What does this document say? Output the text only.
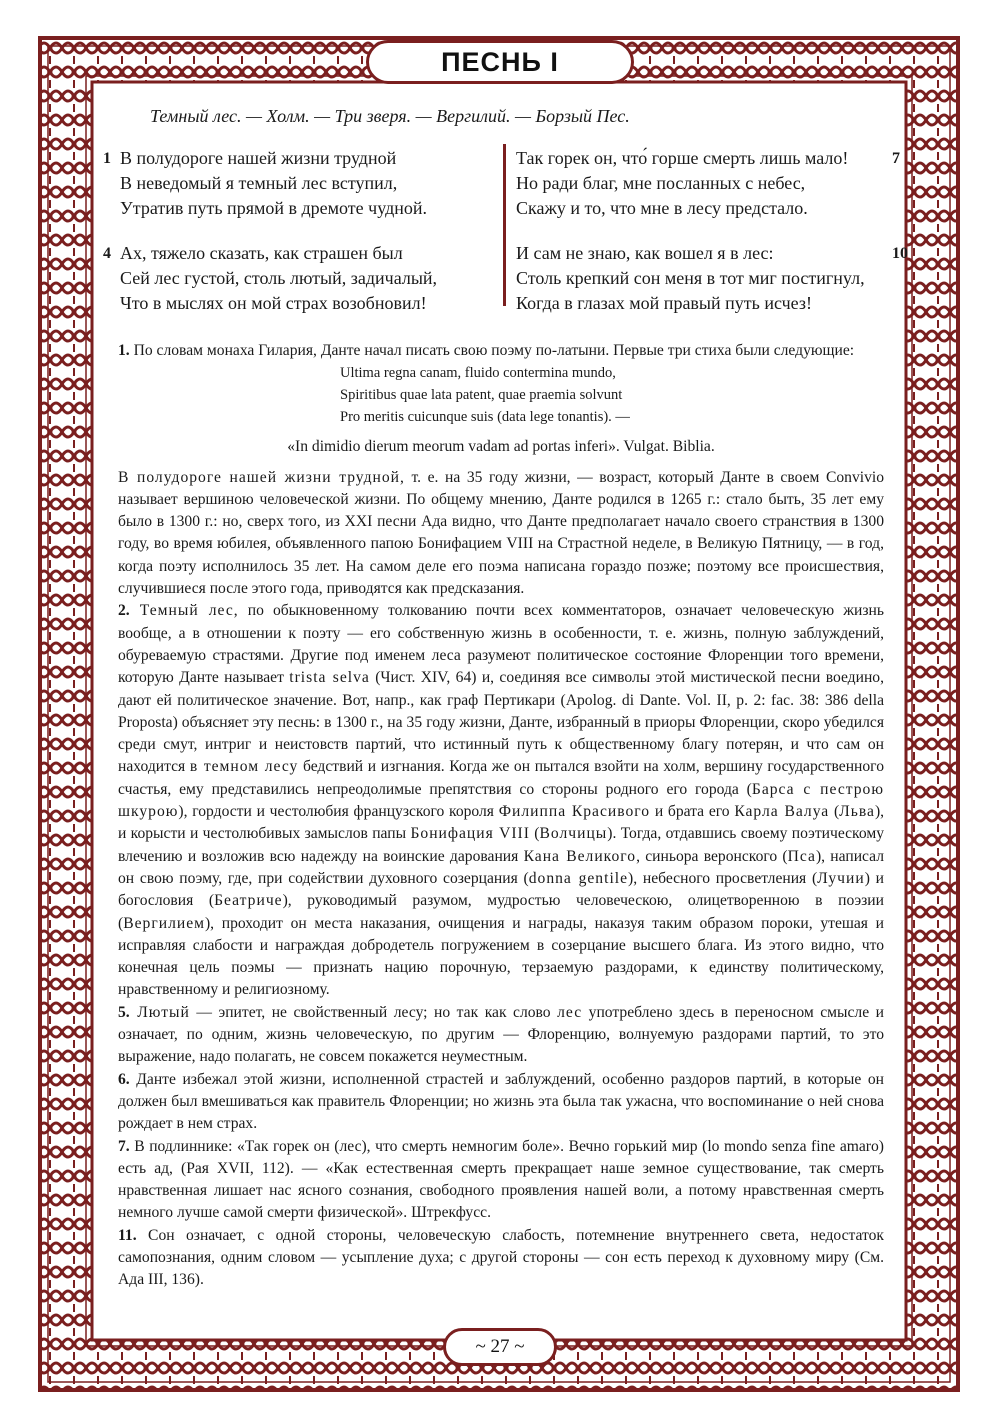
ПЕСНЬ I
Темный лес. — Холм. — Три зверя. — Вергилий. — Борзый Пес.
1 В полудороге нашей жизни трудной
В неведомый я темный лес вступил,
Утратив путь прямой в дремоте чудной.
4 Ах, тяжело сказать, как страшен был
Сей лес густой, столь лютый, задичалый,
Что в мыслях он мой страх возобновил!
7
Так горек он, что́ горше смерть лишь мало!
Но ради благ, мне посланных с небес,
Скажу и то, что мне в лесу предстало.
10
И сам не знаю, как вошел я в лес:
Столь крепкий сон меня в тот миг постигнул,
Когда в глазах мой правый путь исчез!

1. По словам монаха Гилария, Данте начал писать свою поэму по-латыни. Первые три стиха были следующие:

Ultima regna canam, fluido contermina mundo,
Spiritibus quae lata patent, quae praemia solvunt
Pro meritis cuicunque suis (data lege tonantis). —
«In dimidio dierum meorum vadam ad portas inferi». Vulgat. Biblia.

В полудороге нашей жизни трудной, т. е. на 35 году жизни, — возраст, который Данте в своем Convivio называет вершиною человеческой жизни. По общему мнению, Данте родился в 1265 г.: стало быть, 35 лет ему было в 1300 г.: но, сверх того, из XXI песни Ада видно, что Данте предполагает начало своего странствия в 1300 году, во время юбилея, объявленного папою Бонифацием VIII на Страстной неделе, в Великую Пятницу, — в год, когда поэту исполнилось 35 лет. На самом деле его поэма написана гораздо позже; поэтому все происшествия, случившиеся после этого года, приводятся как предсказания.

2. Темный лес, по обыкновенному толкованию почти всех комментаторов, означает человеческую жизнь вообще, а в отношении к поэту — его собственную жизнь в особенности, т. е. жизнь, полную заблуждений, обуреваемую страстями. Другие под именем леса разумеют политическое состояние Флоренции того времени, которую Данте называет trista selva (Чист. XIV, 64) и, соединяя все символы этой мистической песни воедино, дают ей политическое значение. Вот, напр., как граф Пертикари (Apolog. di Dante. Vol. II, p. 2: fac. 38: 386 della Proposta) объясняет эту песнь: в 1300 г., на 35 году жизни, Данте, избранный в приоры Флоренции, скоро убедился среди смут, интриг и неистовств партий, что истинный путь к общественному благу потерян, и что сам он находится в темном лесу бедствий и изгнания. Когда же он пытался взойти на холм, вершину государственного счастья, ему представились непреодолимые препятствия со стороны родного его города (Барса с пестрою шкурою), гордости и честолюбия французского короля Филиппа Красивого и брата его Карла Валуа (Льва), и корысти и честолюбивых замыслов папы Бонифация VIII (Волчицы). Тогда, отдавшись своему поэтическому влечению и возложив всю надежду на воинские дарования Кана Великого, синьора веронского (Пса), написал он свою поэму, где, при содействии духовного созерцания (donna gentile), небесного просветления (Лучии) и богословия (Беатриче), руководимый разумом, мудростью человеческою, олицетворенною в поэзии (Вергилием), проходит он места наказания, очищения и награды, наказуя таким образом пороки, утешая и исправляя слабости и награждая добродетель погружением в созерцание высшего блага. Из этого видно, что конечная цель поэмы — признать нацию порочную, терзаемую раздорами, к единству политическому, нравственному и религиозному.

5. Лютый — эпитет, не свойственный лесу; но так как слово лес употреблено здесь в переносном смысле и означает, по одним, жизнь человеческую, по другим — Флоренцию, волнуемую раздорами партий, то это выражение, надо полагать, не совсем покажется неуместным.

6. Данте избежал этой жизни, исполненной страстей и заблуждений, особенно раздоров партий, в которые он должен был вмешиваться как правитель Флоренции; но жизнь эта была так ужасна, что воспоминание о ней снова рождает в нем страх.

7. В подлиннике: «Так горек он (лес), что смерть немногим боле». Вечно горький мир (lo mondo senza fine amaro) есть ад, (Рая XVII, 112). — «Как естественная смерть прекращает наше земное существование, так смерть нравственная лишает нас ясного сознания, свободного проявления нашей воли, а потому нравственная смерть немного лучше самой смерти физической». Штрекфусс.

11. Сон означает, с одной стороны, человеческую слабость, потемнение внутреннего света, недостаток самопознания, одним словом — усыпление духа; с другой стороны — сон есть переход к духовному миру (См. Ада III, 136).

~ 27 ~
